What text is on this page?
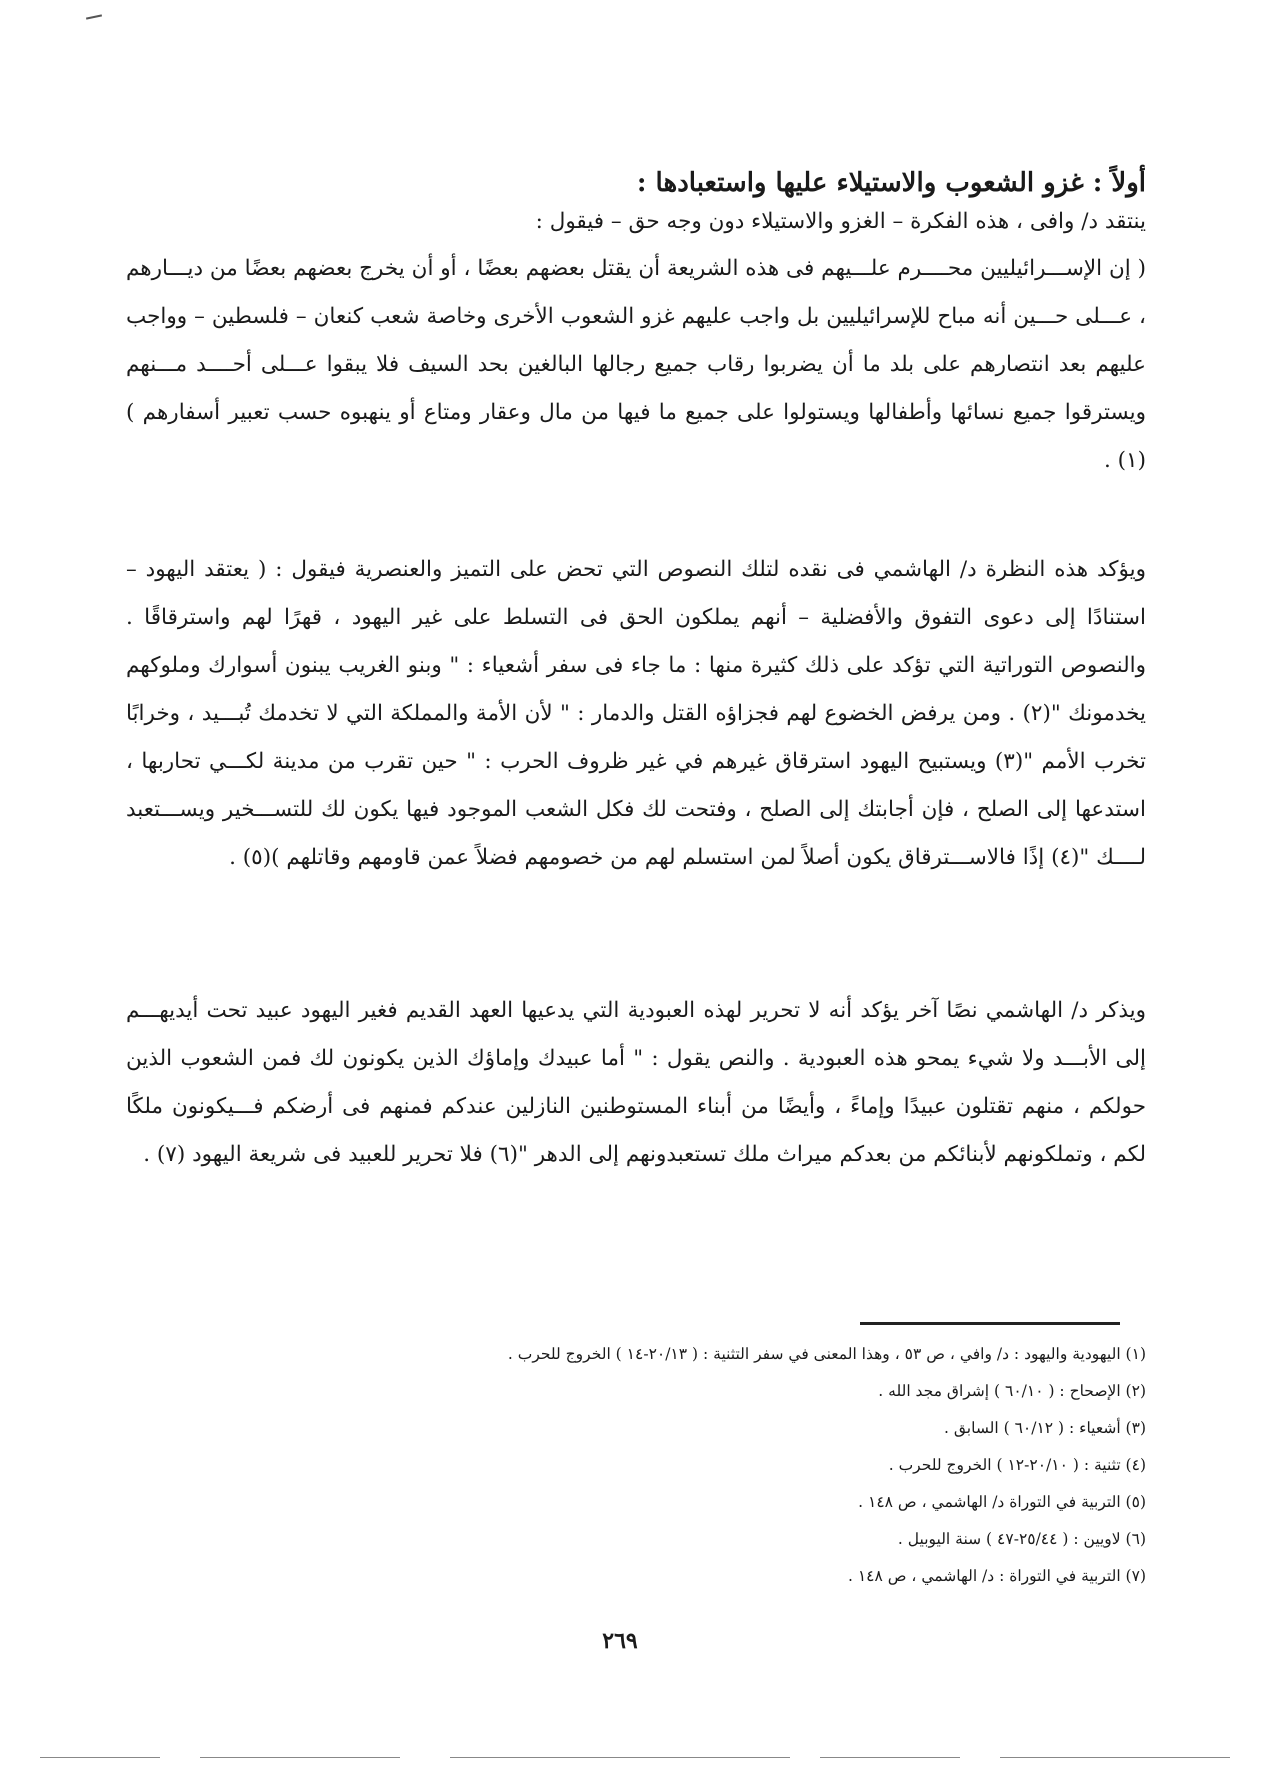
أولاً : غزو الشعوب والاستيلاء عليها واستعبادها :

ينتقد د/ وافى ، هذه الفكرة – الغزو والاستيلاء دون وجه حق – فيقول :

( إن الإســـرائيليين محــــرم علـــيهم فى هذه الشريعة أن يقتل بعضهم بعضًا ، أو أن يخرج بعضهم بعضًا من ديـــارهم ، عـــلى حـــين أنه مباح للإسرائيليين بل واجب عليهم غزو الشعوب الأخرى وخاصة شعب كنعان – فلسطين – وواجب عليهم بعد انتصارهم على بلد ما أن يضربوا رقاب جميع رجالها البالغين بحد السيف فلا يبقوا عـــلى أحــــد مـــنهم ويسترقوا جميع نسائها وأطفالها ويستولوا على جميع ما فيها من مال وعقار ومتاع أو ينهبوه حسب تعبير أسفارهم )(١) .

ويؤكد هذه النظرة د/ الهاشمي فى نقده لتلك النصوص التي تحض على التميز والعنصرية فيقول : ( يعتقد اليهود – استنادًا إلى دعوى التفوق والأفضلية – أنهم يملكون الحق فى التسلط على غير اليهود ، قهرًا لهم واسترقاقًا . والنصوص التوراتية التي تؤكد على ذلك كثيرة منها : ما جاء فى سفر أشعياء : " وبنو الغريب يبنون أسوارك وملوكهم يخدمونك "(٢) . ومن يرفض الخضوع لهم فجزاؤه القتل والدمار : " لأن الأمة والمملكة التي لا تخدمك تُبـــيد ، وخرابًا تخرب الأمم "(٣) ويستبيح اليهود استرقاق غيرهم في غير ظروف الحرب : " حين تقرب من مدينة لكـــي تحاربها ، استدعها إلى الصلح ، فإن أجابتك إلى الصلح ، وفتحت لك فكل الشعب الموجود فيها يكون لك للتســـخير ويســـتعبد لــــك "(٤) إذًا فالاســـترقاق يكون أصلاً لمن استسلم لهم من خصومهم فضلاً عمن قاومهم وقاتلهم )(٥) .

ويذكر د/ الهاشمي نصًا آخر يؤكد أنه لا تحرير لهذه العبودية التي يدعيها العهد القديم فغير اليهود عبيد تحت أيديهـــم إلى الأبـــد ولا شيء يمحو هذه العبودية . والنص يقول : " أما عبيدك وإماؤك الذين يكونون لك فمن الشعوب الذين حولكم ، منهم تقتلون عبيدًا وإماءً ، وأيضًا من أبناء المستوطنين النازلين عندكم فمنهم فى أرضكم فـــيكونون ملكًا لكم ، وتملكونهم لأبنائكم من بعدكم ميراث ملك تستعبدونهم إلى الدهر "(٦) فلا تحرير للعبيد فى شريعة اليهود (٧) .

(١) اليهودية واليهود : د/ وافي ، ص ٥٣ ، وهذا المعنى في سفر التثنية : ( ٢٠/١٣-١٤ ) الخروج للحرب .
(٢) الإصحاح : ( ٦٠/١٠ ) إشراق مجد الله .
(٣) أشعياء : ( ٦٠/١٢ ) السابق .
(٤) تثنية : ( ٢٠/١٠-١٢ ) الخروج للحرب .
(٥) التربية في التوراة د/ الهاشمي ، ص ١٤٨ .
(٦) لاويين : ( ٢٥/٤٤-٤٧ ) سنة اليوبيل .
(٧) التربية في التوراة : د/ الهاشمي ، ص ١٤٨ .
٢٦٩
